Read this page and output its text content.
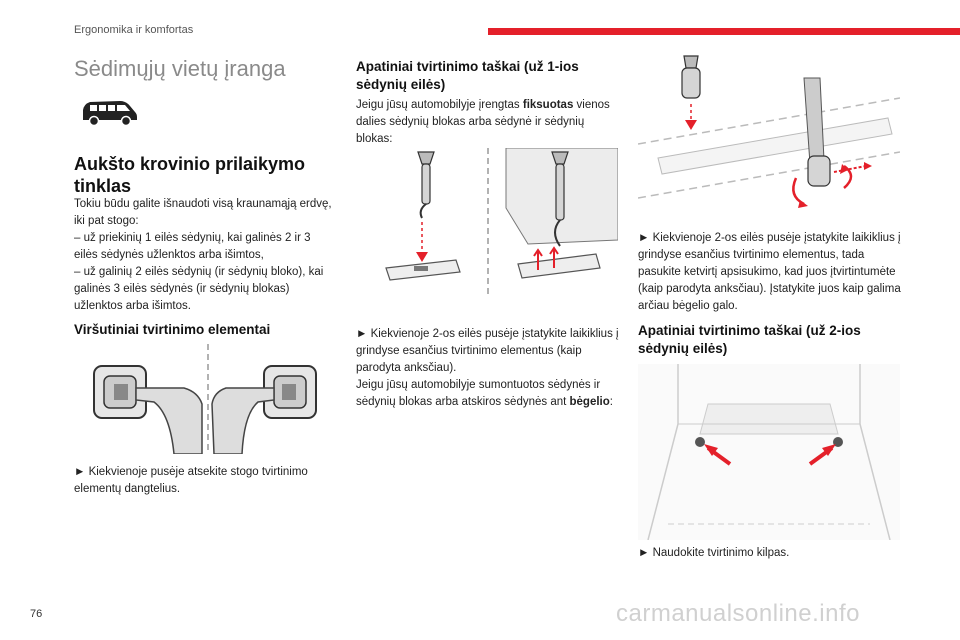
Ergonomika ir komfortas
Sėdimųjų vietų įranga
Aukšto krovinio prilaikymo tinklas

Tokiu būdu galite išnaudoti visą kraunamąją erdvę, iki pat stogo:

– už priekinių 1 eilės sėdynių, kai galinės 2 ir 3 eilės sėdynės užlenktos arba išimtos,

– už galinių 2 eilės sėdynių (ir sėdynių bloko), kai galinės 3 eilės sėdynės (ir sėdynių blokas) užlenktos arba išimtos.

Viršutiniai tvirtinimo elementai

► Kiekvienoje pusėje atsekite stogo tvirtinimo elementų dangtelius.

Apatiniai tvirtinimo taškai (už 1-ios sėdynių eilės)

Jeigu jūsų automobilyje įrengtas fiksuotas vienos dalies sėdynių blokas arba sėdynė ir sėdynių blokas:

► Kiekvienoje 2-os eilės pusėje įstatykite laikiklius į grindyse esančius tvirtinimo elementus (kaip parodyta anksčiau).

Jeigu jūsų automobilyje sumontuotos sėdynės ir sėdynių blokas arba atskiros sėdynės ant bėgelio:

► Kiekvienoje 2-os eilės pusėje įstatykite laikiklius į grindyse esančius tvirtinimo elementus, tada pasukite ketvirtį apsisukimo, kad juos įtvirtintumėte (kaip parodyta anksčiau). Įstatykite juos kaip galima arčiau bėgelio galo.

Apatiniai tvirtinimo taškai (už 2-ios sėdynių eilės)

► Naudokite tvirtinimo kilpas.

76	carmanualsonline.info
